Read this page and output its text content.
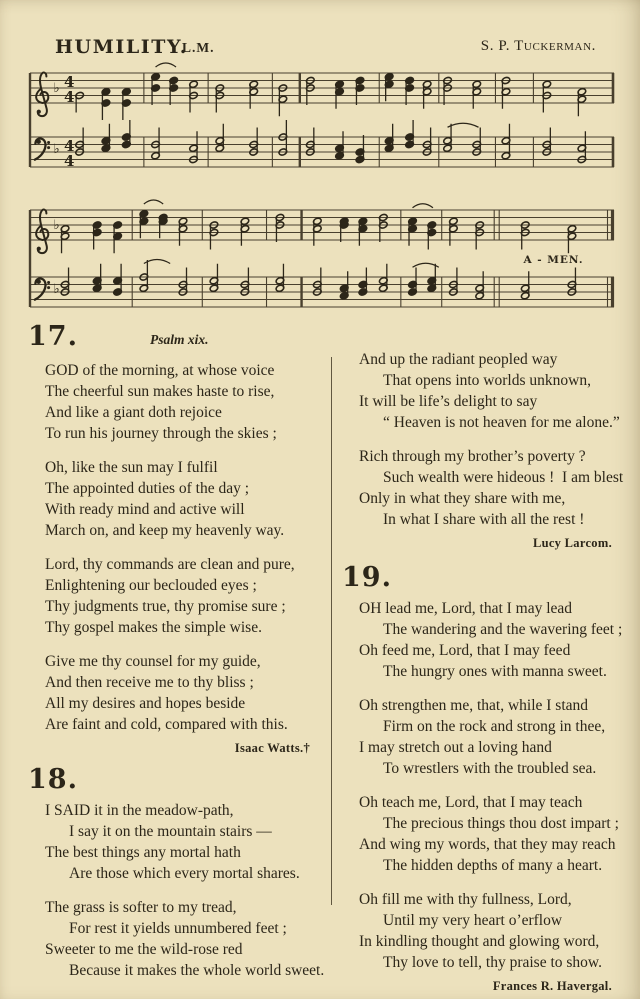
HUMILITY.
L.M.	S. P. Tuckerman.
♭ 4
4
♭ 4
4
♭
♭
A - MEN.
17.	Psalm xix.
GOD of the morning, at whose voice
The cheerful sun makes haste to rise,
And like a giant doth rejoice
To run his journey through the skies ;
Oh, like the sun may I fulfil
The appointed duties of the day ;
With ready mind and active will
March on, and keep my heavenly way.
Lord, thy commands are clean and pure,
Enlightening our beclouded eyes ;
Thy judgments true, thy promise sure ;
Thy gospel makes the simple wise.
Give me thy counsel for my guide,
And then receive me to thy bliss ;
All my desires and hopes beside
Are faint and cold, compared with this.
Isaac Watts.†
18.
I SAID it in the meadow-path,
I say it on the mountain stairs —
The best things any mortal hath
Are those which every mortal shares.
The grass is softer to my tread,
For rest it yields unnumbered feet ;
Sweeter to me the wild-rose red
Because it makes the whole world sweet.
And up the radiant peopled way
That opens into worlds unknown,
It will be life’s delight to say
“ Heaven is not heaven for me alone.”
Rich through my brother’s poverty ?
Such wealth were hideous !  I am blest
Only in what they share with me,
In what I share with all the rest !
Lucy Larcom.
19.
OH lead me, Lord, that I may lead
The wandering and the wavering feet ;
Oh feed me, Lord, that I may feed
The hungry ones with manna sweet.
Oh strengthen me, that, while I stand
Firm on the rock and strong in thee,
I may stretch out a loving hand
To wrestlers with the troubled sea.
Oh teach me, Lord, that I may teach
The precious things thou dost impart ;
And wing my words, that they may reach
The hidden depths of many a heart.
Oh fill me with thy fullness, Lord,
Until my very heart o’erflow
In kindling thought and glowing word,
Thy love to tell, thy praise to show.
Frances R. Havergal.
